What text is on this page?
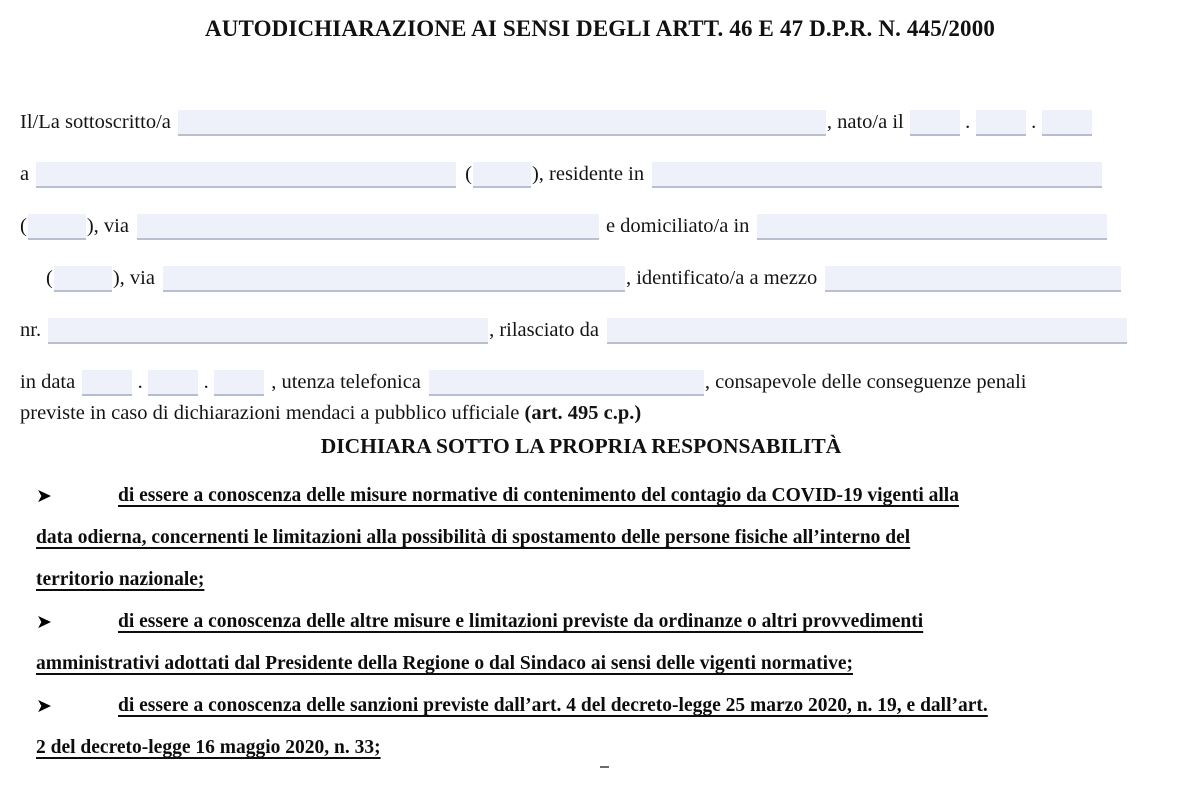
AUTODICHIARAZIONE AI SENSI DEGLI ARTT. 46 E 47 D.P.R. N. 445/2000
Il/La sottoscritto/a	, nato/a il	.	.
a	(	), residente in
(	), via	e domiciliato/a in
(	), via	, identificato/a a mezzo
nr.	, rilasciato da
in data	.	.	, utenza telefonica	, consapevole delle conseguenze penali
previste in caso di dichiarazioni mendaci a pubblico ufficiale (art. 495 c.p.)
DICHIARA SOTTO LA PROPRIA RESPONSABILITÀ
➤	di essere a conoscenza delle misure normative di contenimento del contagio da COVID-19 vigenti alla
data odierna, concernenti le limitazioni alla possibilità di spostamento delle persone fisiche all’interno del
territorio nazionale;
➤	di essere a conoscenza delle altre misure e limitazioni previste da ordinanze o altri provvedimenti
amministrativi adottati dal Presidente della Regione o dal Sindaco ai sensi delle vigenti normative;
➤	di essere a conoscenza delle sanzioni previste dall’art. 4 del decreto-legge 25 marzo 2020, n. 19, e dall’art.
2 del decreto-legge 16 maggio 2020, n. 33;
